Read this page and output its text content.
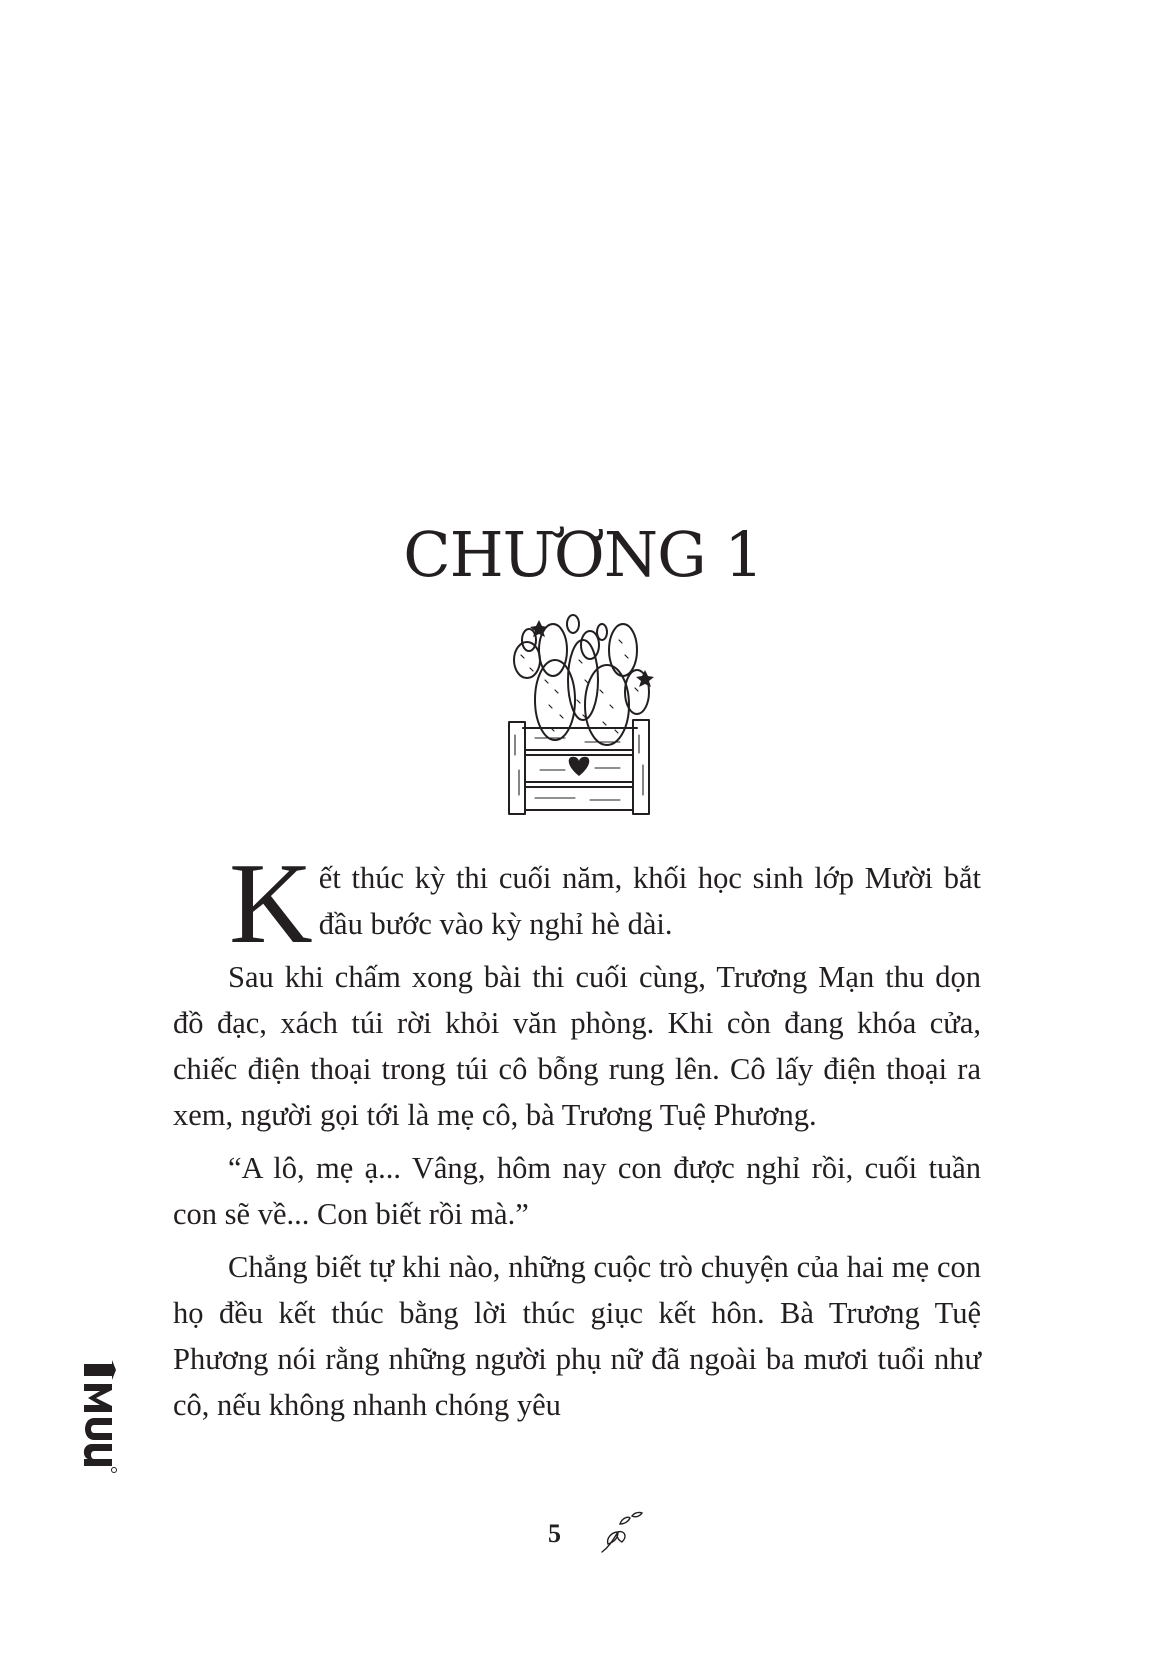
CHƯƠNG 1

Kết thúc kỳ thi cuối năm, khối học sinh lớp Mười bắt đầu bước vào kỳ nghỉ hè dài.

Sau khi chấm xong bài thi cuối cùng, Trương Mạn thu dọn đồ đạc, xách túi rời khỏi văn phòng. Khi còn đang khóa cửa, chiếc điện thoại trong túi cô bỗng rung lên. Cô lấy điện thoại ra xem, người gọi tới là mẹ cô, bà Trương Tuệ Phương.

“A lô, mẹ ạ... Vâng, hôm nay con được nghỉ rồi, cuối tuần con sẽ về... Con biết rồi mà.”

Chẳng biết tự khi nào, những cuộc trò chuyện của hai mẹ con họ đều kết thúc bằng lời thúc giục kết hôn. Bà Trương Tuệ Phương nói rằng những người phụ nữ đã ngoài ba mươi tuổi như cô, nếu không nhanh chóng yêu

5
